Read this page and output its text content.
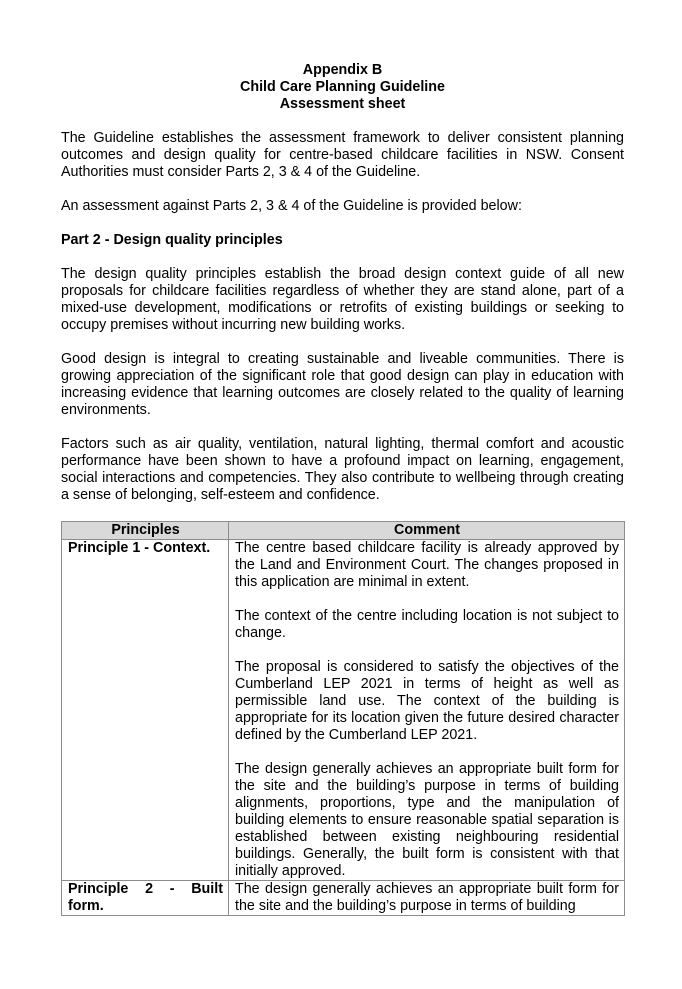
Appendix B
Child Care Planning Guideline
Assessment sheet

The Guideline establishes the assessment framework to deliver consistent planning outcomes and design quality for centre-based childcare facilities in NSW. Consent Authorities must consider Parts 2, 3 & 4 of the Guideline.

An assessment against Parts 2, 3 & 4 of the Guideline is provided below:

Part 2 - Design quality principles

The design quality principles establish the broad design context guide of all new proposals for childcare facilities regardless of whether they are stand alone, part of a mixed-use development, modifications or retrofits of existing buildings or seeking to occupy premises without incurring new building works.

Good design is integral to creating sustainable and liveable communities. There is growing appreciation of the significant role that good design can play in education with increasing evidence that learning outcomes are closely related to the quality of learning environments.

Factors such as air quality, ventilation, natural lighting, thermal comfort and acoustic performance have been shown to have a profound impact on learning, engagement, social interactions and competencies. They also contribute to wellbeing through creating a sense of belonging, self-esteem and confidence.

Principles	Comment
Principle 1 - Context.	The centre based childcare facility is already approved by the Land and Environment Court. The changes proposed in this application are minimal in extent.

The context of the centre including location is not subject to change.

The proposal is considered to satisfy the objectives of the Cumberland LEP 2021 in terms of height as well as permissible land use. The context of the building is appropriate for its location given the future desired character defined by the Cumberland LEP 2021.

The design generally achieves an appropriate built form for the site and the building’s purpose in terms of building alignments, proportions, type and the manipulation of building elements to ensure reasonable spatial separation is established between existing neighbouring residential buildings. Generally, the built form is consistent with that initially approved.

Principle 2 - Built form.	The design generally achieves an appropriate built form for the site and the building’s purpose in terms of building
